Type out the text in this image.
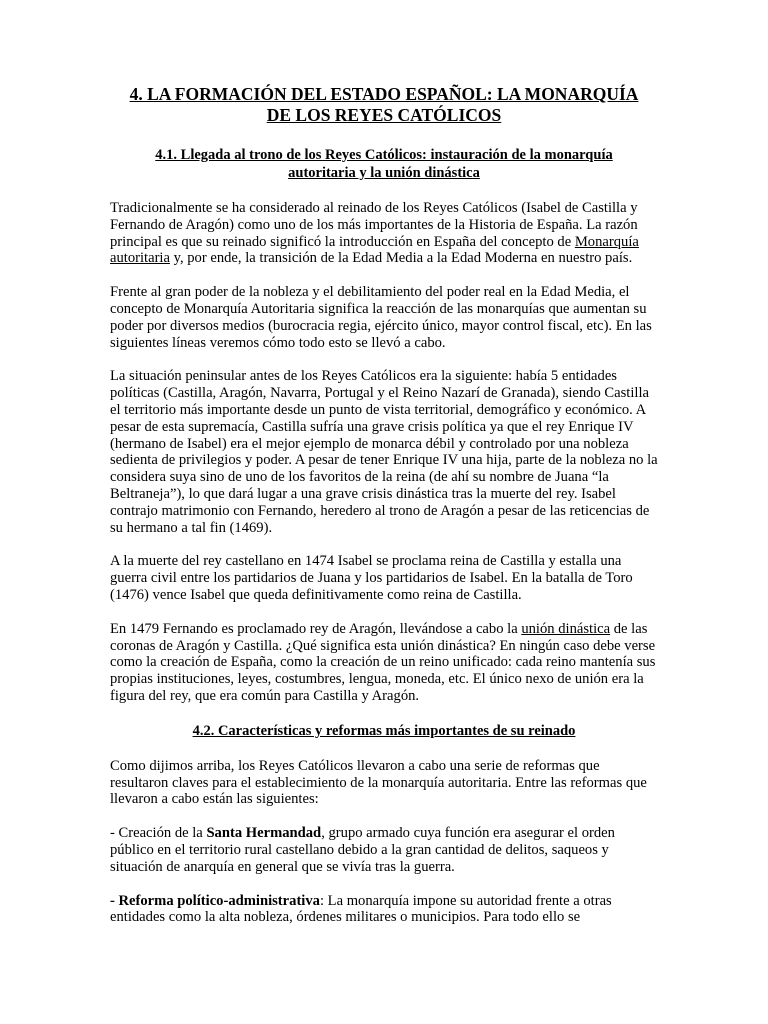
4. LA FORMACIÓN DEL ESTADO ESPAÑOL: LA MONARQUÍA
DE LOS REYES CATÓLICOS
4.1. Llegada al trono de los Reyes Católicos: instauración de la monarquía
autoritaria y la unión dinástica

Tradicionalmente se ha considerado al reinado de los Reyes Católicos (Isabel de Castilla y Fernando de Aragón) como uno de los más importantes de la Historia de España. La razón principal es que su reinado significó la introducción en España del concepto de Monarquía autoritaria y, por ende, la transición de la Edad Media a la Edad Moderna en nuestro país.

Frente al gran poder de la nobleza y el debilitamiento del poder real en la Edad Media, el concepto de Monarquía Autoritaria significa la reacción de las monarquías que aumentan su poder por diversos medios (burocracia regia, ejército único, mayor control fiscal, etc). En las siguientes líneas veremos cómo todo esto se llevó a cabo.

La situación peninsular antes de los Reyes Católicos era la siguiente: había 5 entidades políticas (Castilla, Aragón, Navarra, Portugal y el Reino Nazarí de Granada), siendo Castilla el territorio más importante desde un punto de vista territorial, demográfico y económico. A pesar de esta supremacía, Castilla sufría una grave crisis política ya que el rey Enrique IV (hermano de Isabel) era el mejor ejemplo de monarca débil y controlado por una nobleza sedienta de privilegios y poder. A pesar de tener Enrique IV una hija, parte de la nobleza no la considera suya sino de uno de los favoritos de la reina (de ahí su nombre de Juana “la Beltraneja”), lo que dará lugar a una grave crisis dinástica tras la muerte del rey. Isabel contrajo matrimonio con Fernando, heredero al trono de Aragón a pesar de las reticencias de su hermano a tal fin (1469).

A la muerte del rey castellano en 1474 Isabel se proclama reina de Castilla y estalla una guerra civil entre los partidarios de Juana y los partidarios de Isabel. En la batalla de Toro (1476) vence Isabel que queda definitivamente como reina de Castilla.

En 1479 Fernando es proclamado rey de Aragón, llevándose a cabo la unión dinástica de las coronas de Aragón y Castilla. ¿Qué significa esta unión dinástica? En ningún caso debe verse como la creación de España, como la creación de un reino unificado: cada reino mantenía sus propias instituciones, leyes, costumbres, lengua, moneda, etc. El único nexo de unión era la figura del rey, que era común para Castilla y Aragón.

4.2. Características y reformas más importantes de su reinado

Como dijimos arriba, los Reyes Católicos llevaron a cabo una serie de reformas que resultaron claves para el establecimiento de la monarquía autoritaria. Entre las reformas que llevaron a cabo están las siguientes:

- Creación de la Santa Hermandad, grupo armado cuya función era asegurar el orden público en el territorio rural castellano debido a la gran cantidad de delitos, saqueos y situación de anarquía en general que se vivía tras la guerra.

- Reforma político-administrativa: La monarquía impone su autoridad frente a otras entidades como la alta nobleza, órdenes militares o municipios. Para todo ello se
